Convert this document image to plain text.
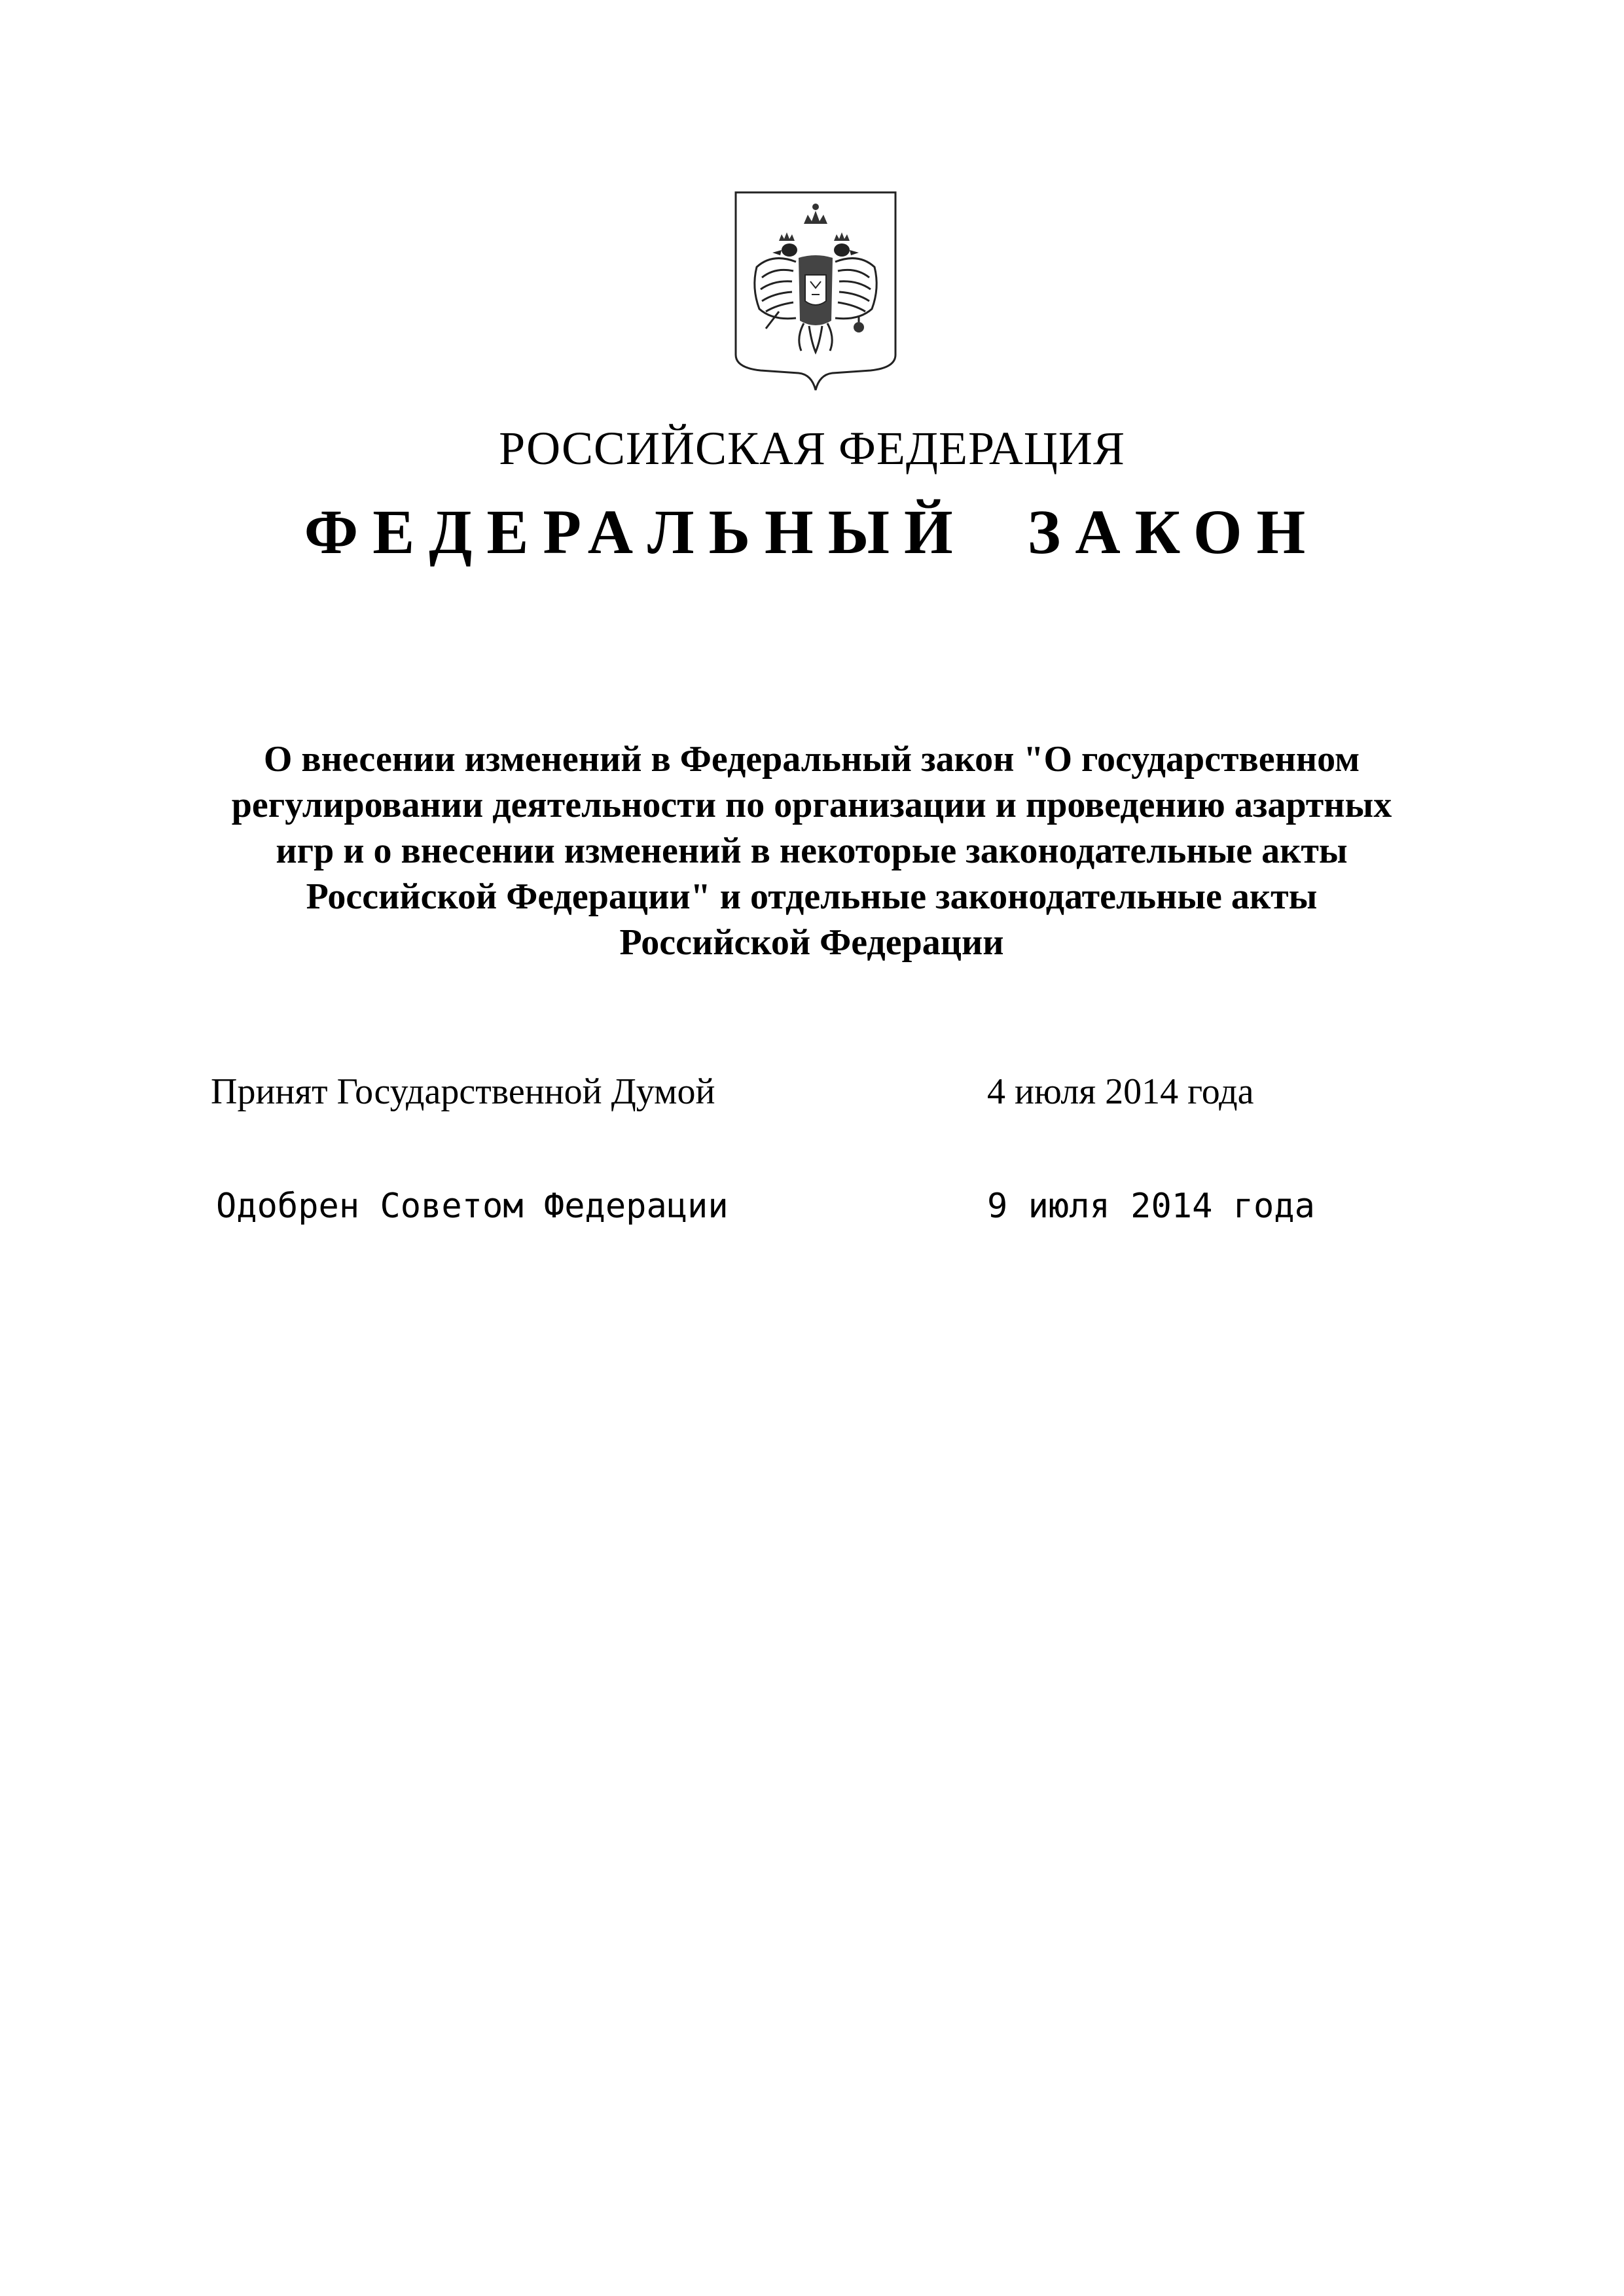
РОССИЙСКАЯ ФЕДЕРАЦИЯ
ФЕДЕРАЛЬНЫЙ  ЗАКОН
О внесении изменений в Федеральный закон "О государственном
регулировании деятельности по организации и проведению азартных
игр и о внесении изменений в некоторые законодательные акты
Российской Федерации" и отдельные законодательные акты
Российской Федерации
Принят Государственной Думой	4 июля 2014 года
Одобрен Советом Федерации	9 июля 2014 года
